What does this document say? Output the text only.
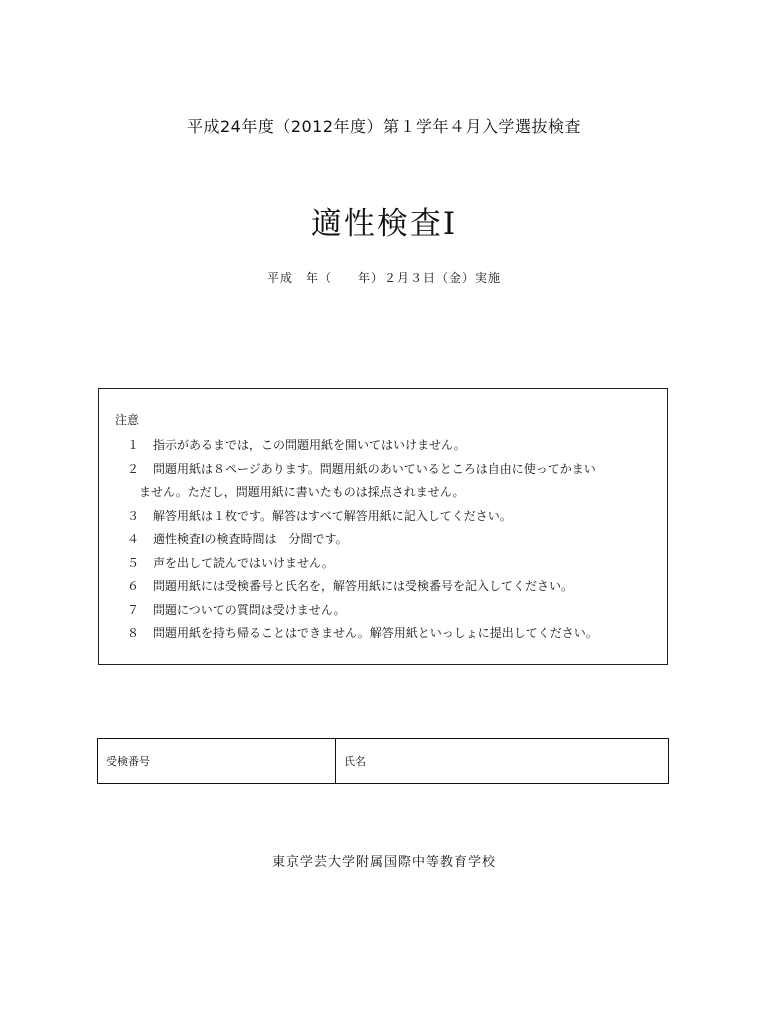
平成24年度（2012年度）第１学年４月入学選抜検査
適性検査Ⅰ
平成　年（　　年）２月３日（金）実施
注意
１	指示があるまでは，この問題用紙を開いてはいけません。
２	問題用紙は８ページあります。問題用紙のあいているところは自由に使ってかまい
ません。ただし，問題用紙に書いたものは採点されません。
３	解答用紙は１枚です。解答はすべて解答用紙に記入してください。
４	適性検査Ⅰの検査時間は　分間です。
５	声を出して読んではいけません。
６	問題用紙には受検番号と氏名を，解答用紙には受検番号を記入してください。
７	問題についての質問は受けません。
８	問題用紙を持ち帰ることはできません。解答用紙といっしょに提出してください。
受検番号	氏名
東京学芸大学附属国際中等教育学校
